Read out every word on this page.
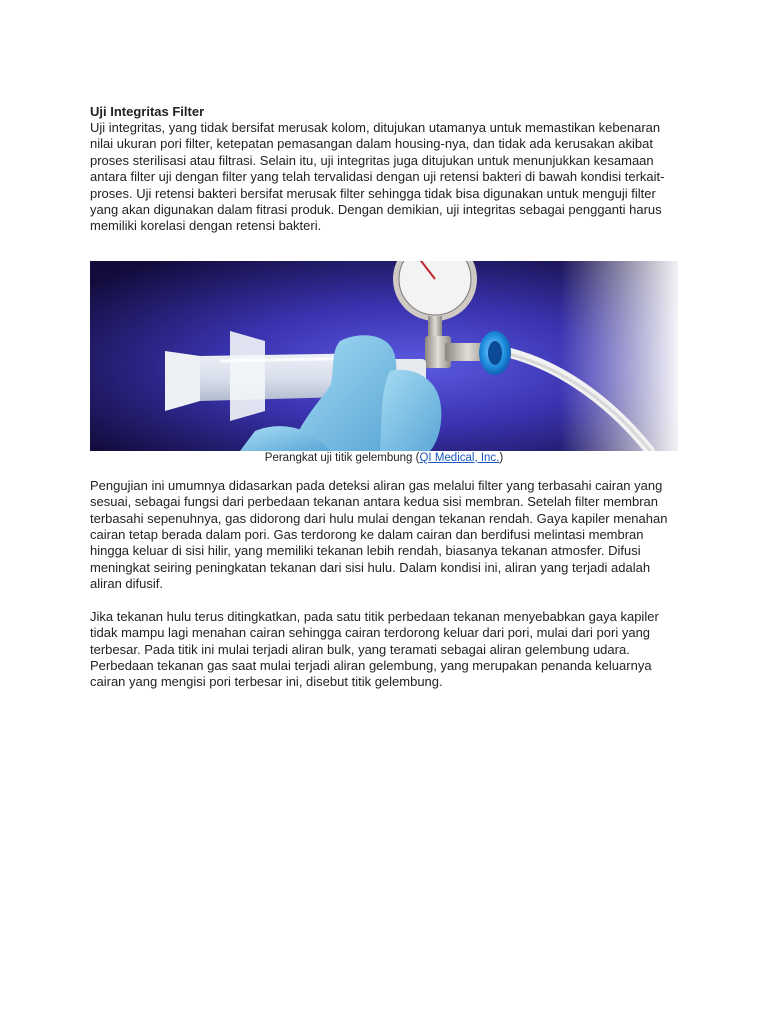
Uji Integritas Filter

Uji integritas, yang tidak bersifat merusak kolom, ditujukan utamanya untuk memastikan kebenaran nilai ukuran pori filter, ketepatan pemasangan dalam housing-nya, dan tidak ada kerusakan akibat proses sterilisasi atau filtrasi. Selain itu, uji integritas juga ditujukan untuk menunjukkan kesamaan antara filter uji dengan filter yang telah tervalidasi dengan uji retensi bakteri di bawah kondisi terkait-proses. Uji retensi bakteri bersifat merusak filter sehingga tidak bisa digunakan untuk menguji filter yang akan digunakan dalam fitrasi produk. Dengan demikian, uji integritas sebagai pengganti harus memiliki korelasi dengan retensi bakteri.

Perangkat uji titik gelembung (QI Medical, Inc.)

Pengujian ini umumnya didasarkan pada deteksi aliran gas melalui filter yang terbasahi cairan yang sesuai, sebagai fungsi dari perbedaan tekanan antara kedua sisi membran. Setelah filter membran terbasahi sepenuhnya, gas didorong dari hulu mulai dengan tekanan rendah. Gaya kapiler menahan cairan tetap berada dalam pori. Gas terdorong ke dalam cairan dan berdifusi melintasi membran hingga keluar di sisi hilir, yang memiliki tekanan lebih rendah, biasanya tekanan atmosfer. Difusi meningkat seiring peningkatan tekanan dari sisi hulu. Dalam kondisi ini, aliran yang terjadi adalah aliran difusif.

Jika tekanan hulu terus ditingkatkan, pada satu titik perbedaan tekanan menyebabkan gaya kapiler tidak mampu lagi menahan cairan sehingga cairan terdorong keluar dari pori, mulai dari pori yang terbesar. Pada titik ini mulai terjadi aliran bulk, yang teramati sebagai aliran gelembung udara. Perbedaan tekanan gas saat mulai terjadi aliran gelembung, yang merupakan penanda keluarnya cairan yang mengisi pori terbesar ini, disebut titik gelembung.
